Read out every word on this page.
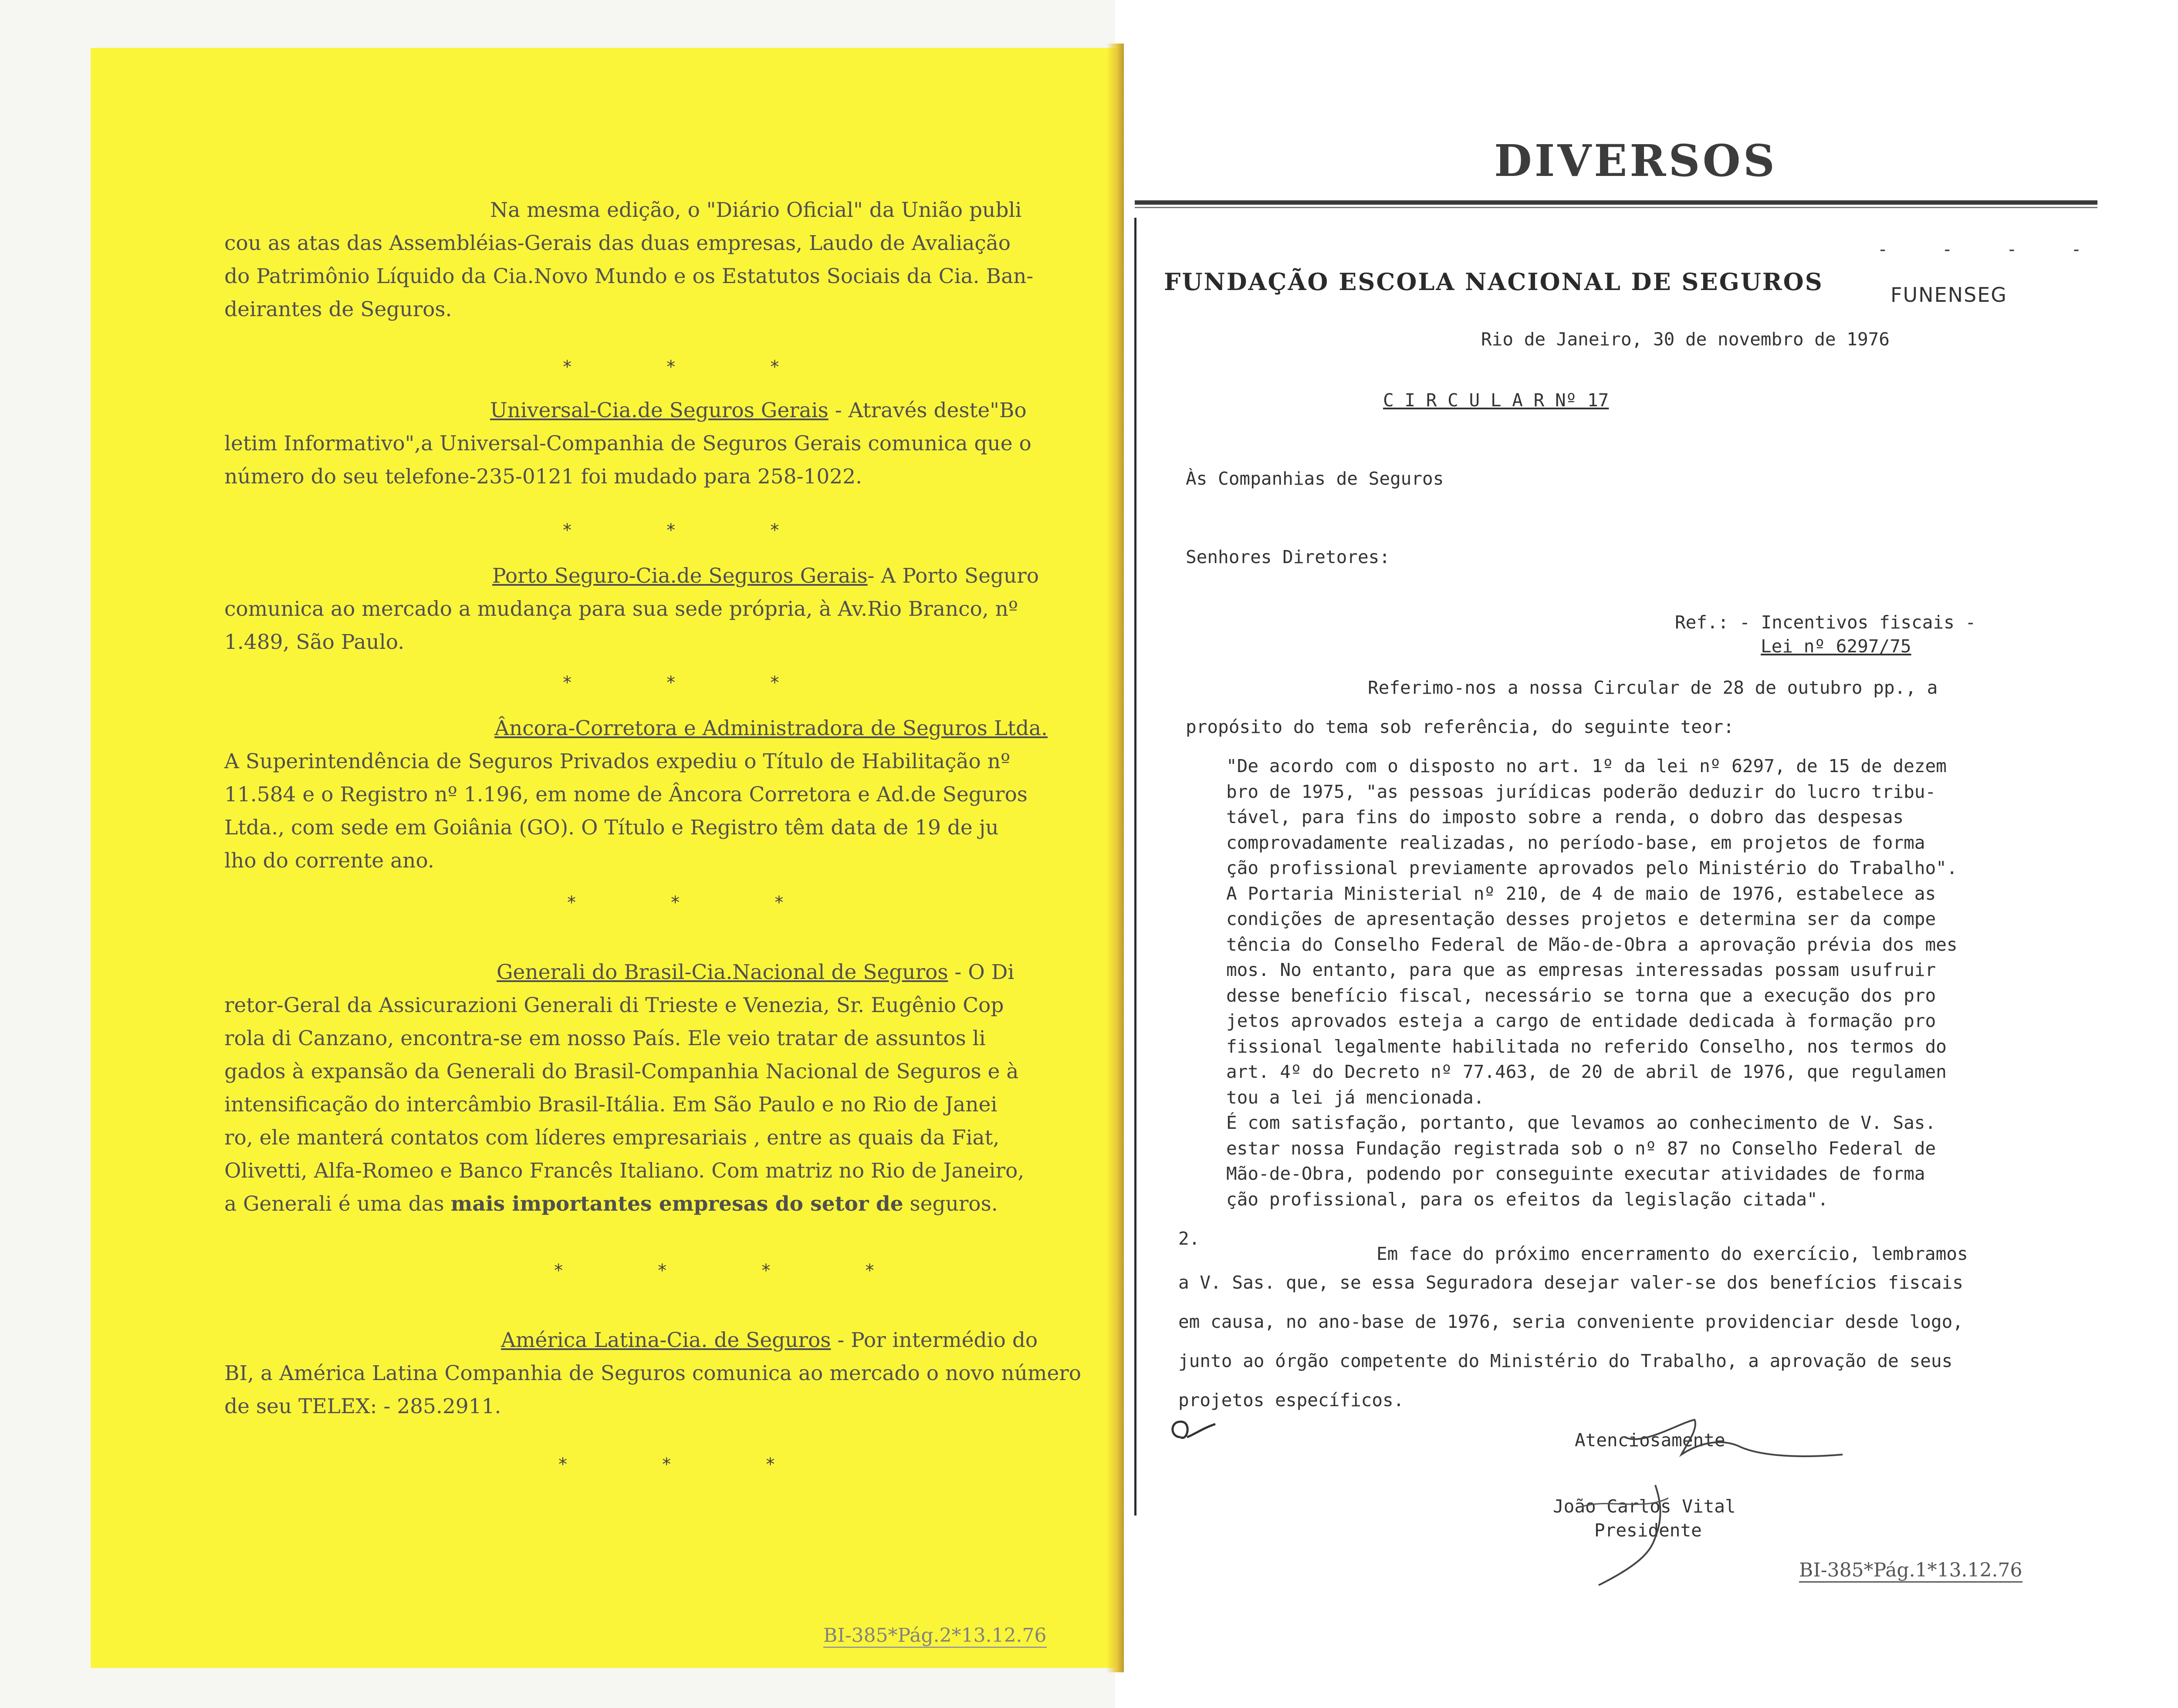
Na mesma edição, o "Diário Oficial" da União publi
cou as atas das Assembléias-Gerais das duas empresas, Laudo de Avaliação
do Patrimônio Líquido da Cia.Novo Mundo e os Estatutos Sociais da Cia. Ban-
deirantes de Seguros.
* * *
Universal-Cia.de Seguros Gerais - Através deste"Bo
letim Informativo",a Universal-Companhia de Seguros Gerais comunica que o
número do seu telefone-235-0121 foi mudado para 258-1022.
* * *
Porto Seguro-Cia.de Seguros Gerais- A Porto Seguro
comunica ao mercado a mudança para sua sede própria, à Av.Rio Branco, nº
1.489, São Paulo.
* * *
Âncora-Corretora e Administradora de Seguros Ltda.
A Superintendência de Seguros Privados expediu o Título de Habilitação nº
11.584 e o Registro nº 1.196, em nome de Âncora Corretora e Ad.de Seguros
Ltda., com sede em Goiânia (GO). O Título e Registro têm data de 19 de ju
lho do corrente ano.
* * *
Generali do Brasil-Cia.Nacional de Seguros - O Di
retor-Geral da Assicurazioni Generali di Trieste e Venezia, Sr. Eugênio Cop
rola di Canzano, encontra-se em nosso País. Ele veio tratar de assuntos li
gados à expansão da Generali do Brasil-Companhia Nacional de Seguros e à
intensificação do intercâmbio Brasil-Itália. Em São Paulo e no Rio de Janei
ro, ele manterá contatos com líderes empresariais , entre as quais da Fiat,
Olivetti, Alfa-Romeo e Banco Francês Italiano. Com matriz no Rio de Janeiro,
a Generali é uma das mais importantes empresas do setor de seguros.
* * * *
América Latina-Cia. de Seguros - Por intermédio do
BI, a América Latina Companhia de Seguros comunica ao mercado o novo número
de seu TELEX: - 285.2911.
* * *
BI-385*Pág.2*13.12.76
DIVERSOS
- - - -
FUNDAÇÃO ESCOLA NACIONAL DE SEGUROS	FUNENSEG
Rio de Janeiro, 30 de novembro de 1976
C I R C U L A R Nº 17
Às Companhias de Seguros
Senhores Diretores:
Ref.: - Incentivos fiscais -
Lei nº 6297/75
Referimo-nos a nossa Circular de 28 de outubro pp., a
propósito do tema sob referência, do seguinte teor:
"De acordo com o disposto no art. 1º da lei nº 6297, de 15 de dezem
bro de 1975, "as pessoas jurídicas poderão deduzir do lucro tribu-
tável, para fins do imposto sobre a renda, o dobro das despesas
comprovadamente realizadas, no período-base, em projetos de forma
ção profissional previamente aprovados pelo Ministério do Trabalho".
A Portaria Ministerial nº 210, de 4 de maio de 1976, estabelece as
condições de apresentação desses projetos e determina ser da compe
tência do Conselho Federal de Mão-de-Obra a aprovação prévia dos mes
mos. No entanto, para que as empresas interessadas possam usufruir
desse benefício fiscal, necessário se torna que a execução dos pro
jetos aprovados esteja a cargo de entidade dedicada à formação pro
fissional legalmente habilitada no referido Conselho, nos termos do
art. 4º do Decreto nº 77.463, de 20 de abril de 1976, que regulamen
tou a lei já mencionada.
É com satisfação, portanto, que levamos ao conhecimento de V. Sas.
estar nossa Fundação registrada sob o nº 87 no Conselho Federal de
Mão-de-Obra, podendo por conseguinte executar atividades de forma
ção profissional, para os efeitos da legislação citada".
2.
Em face do próximo encerramento do exercício, lembramos
a V. Sas. que, se essa Seguradora desejar valer-se dos benefícios fiscais
em causa, no ano-base de 1976, seria conveniente providenciar desde logo,
junto ao órgão competente do Ministério do Trabalho, a aprovação de seus
projetos específicos.
Atenciosamente
João Carlos Vital
Presidente
BI-385*Pág.1*13.12.76
